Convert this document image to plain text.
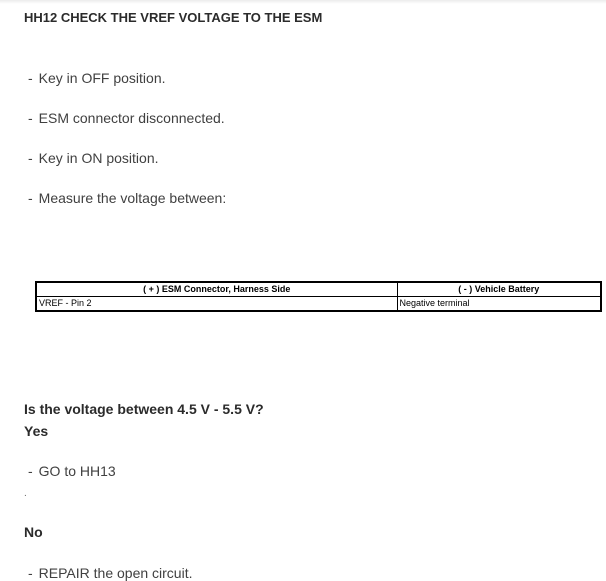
HH12 CHECK THE VREF VOLTAGE TO THE ESM
- Key in OFF position.
- ESM connector disconnected.
- Key in ON position.
- Measure the voltage between:
( + ) ESM Connector, Harness Side	( - ) Vehicle Battery
VREF - Pin 2	Negative terminal
Is the voltage between 4.5 V - 5.5 V?
Yes
- GO to HH13
.
No
- REPAIR the open circuit.
